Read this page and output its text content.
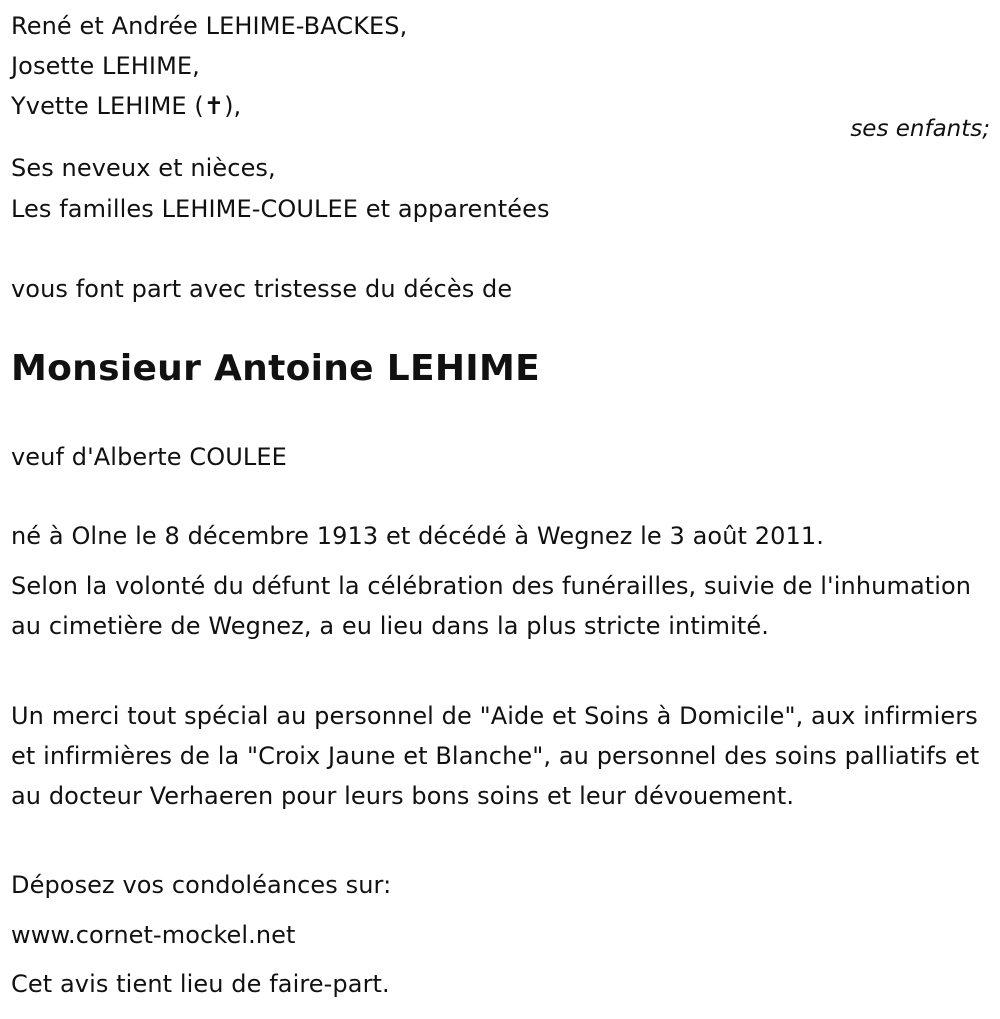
René et Andrée LEHIME-BACKES,
Josette LEHIME,
Yvette LEHIME (✝),
ses enfants;
Ses neveux et nièces,
Les familles LEHIME-COULEE et apparentées
vous font part avec tristesse du décès de
Monsieur Antoine LEHIME
veuf d'Alberte COULEE
né à Olne le 8 décembre 1913 et décédé à Wegnez le 3 août 2011.
Selon la volonté du défunt la célébration des funérailles, suivie de l'inhumation au cimetière de Wegnez, a eu lieu dans la plus stricte intimité.
Un merci tout spécial au personnel de "Aide et Soins à Domicile", aux infirmiers et infirmières de la "Croix Jaune et Blanche", au personnel des soins palliatifs et au docteur Verhaeren pour leurs bons soins et leur dévouement.
Déposez vos condoléances sur:
www.cornet-mockel.net
Cet avis tient lieu de faire-part.
